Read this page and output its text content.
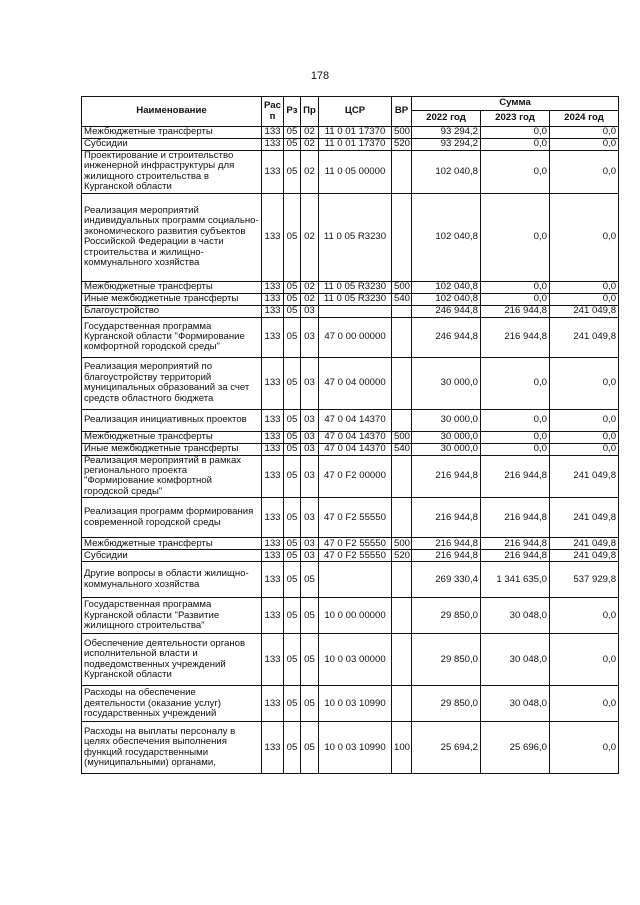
178
Наименование	Рас п	Рз	Пр	ЦСР	ВР	Сумма		
						2022 год	2023 год	2024 год
Межбюджетные трансферты	133	05	02	11 0 01 17370	500	93 294,2	0,0	0,0
Субсидии	133	05	02	11 0 01 17370	520	93 294,2	0,0	0,0
Проектирование и строительство инженерной инфраструктуры для жилищного строительства в Курганской области	133	05	02	11 0 05 00000		102 040,8	0,0	0,0
Реализация мероприятий индивидуальных программ социально-экономического развития субъектов Российской Федерации в части строительства и жилищно-коммунального хозяйства	133	05	02	11 0 05 R3230		102 040,8	0,0	0,0
Межбюджетные трансферты	133	05	02	11 0 05 R3230	500	102 040,8	0,0	0,0
Иные межбюджетные трансферты	133	05	02	11 0 05 R3230	540	102 040,8	0,0	0,0
Благоустройство	133	05	03			246 944,8	216 944,8	241 049,8
Государственная программа Курганской области "Формирование комфортной городской среды"	133	05	03	47 0 00 00000		246 944,8	216 944,8	241 049,8
Реализация мероприятий по благоустройству территорий муниципальных образований за счет средств областного бюджета	133	05	03	47 0 04 00000		30 000,0	0,0	0,0
Реализация инициативных проектов	133	05	03	47 0 04 14370		30 000,0	0,0	0,0
Межбюджетные трансферты	133	05	03	47 0 04 14370	500	30 000,0	0,0	0,0
Иные межбюджетные трансферты	133	05	03	47 0 04 14370	540	30 000,0	0,0	0,0
Реализация мероприятий в рамках регионального проекта "Формирование комфортной городской среды"	133	05	03	47 0 F2 00000		216 944,8	216 944,8	241 049,8
Реализация программ формирования современной городской среды	133	05	03	47 0 F2 55550		216 944,8	216 944,8	241 049,8
Межбюджетные трансферты	133	05	03	47 0 F2 55550	500	216 944,8	216 944,8	241 049,8
Субсидии	133	05	03	47 0 F2 55550	520	216 944,8	216 944,8	241 049,8
Другие вопросы в области жилищно-коммунального хозяйства	133	05	05			269 330,4	1 341 635,0	537 929,8
Государственная программа Курганской области "Развитие жилищного строительства"	133	05	05	10 0 00 00000		29 850,0	30 048,0	0,0
Обеспечение деятельности органов исполнительной власти и подведомственных учреждений Курганской области	133	05	05	10 0 03 00000		29 850,0	30 048,0	0,0
Расходы на обеспечение деятельности (оказание услуг) государственных учреждений	133	05	05	10 0 03 10990		29 850,0	30 048,0	0,0
Расходы на выплаты персоналу в целях обеспечения выполнения функций государственными (муниципальными) органами,	133	05	05	10 0 03 10990	100	25 694,2	25 696,0	0,0
